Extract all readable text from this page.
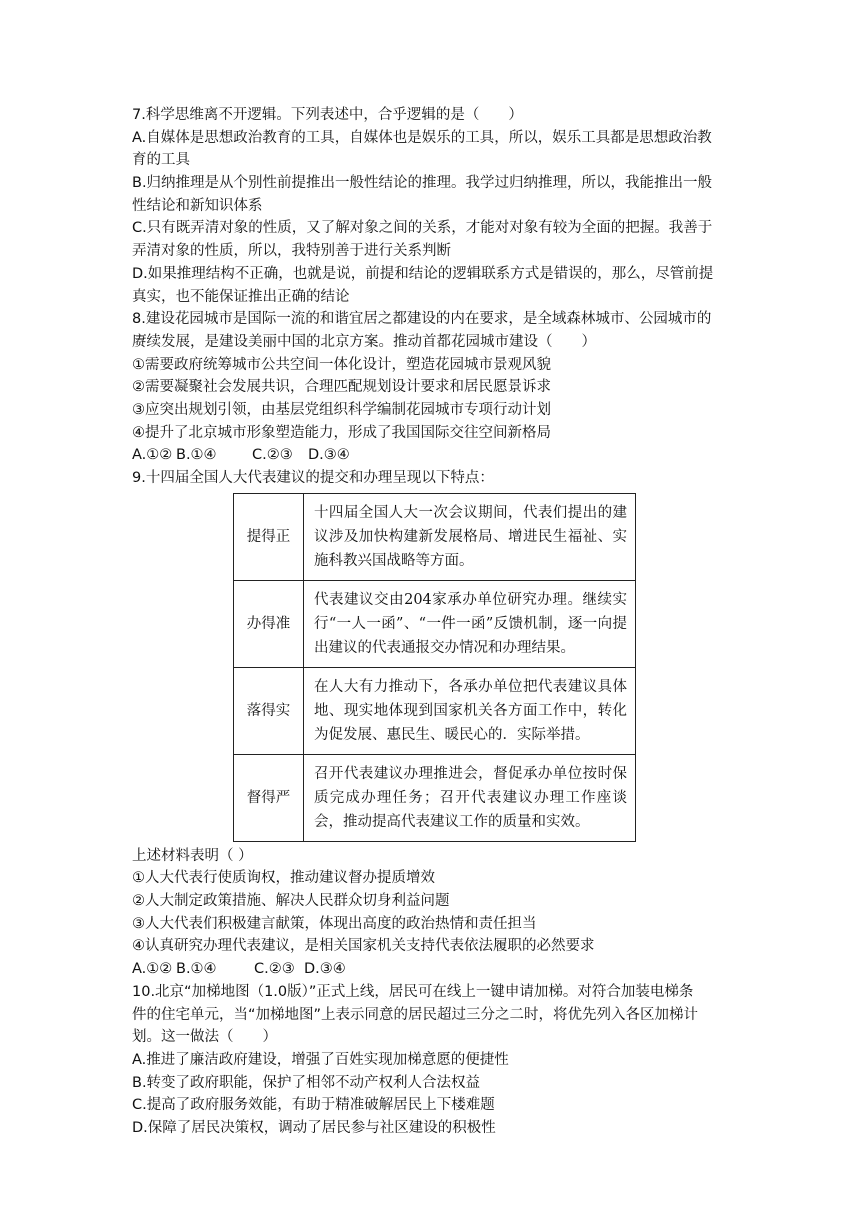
7.科学思维离不开逻辑。下列表述中，合乎逻辑的是（　　）
A.自媒体是思想政治教育的工具，自媒体也是娱乐的工具，所以，娱乐工具都是思想政治教
育的工具
B.归纳推理是从个别性前提推出一般性结论的推理。我学过归纳推理，所以，我能推出一般
性结论和新知识体系
C.只有既弄清对象的性质，又了解对象之间的关系，才能对对象有较为全面的把握。我善于
弄清对象的性质，所以，我特别善于进行关系判断
D.如果推理结构不正确，也就是说，前提和结论的逻辑联系方式是错误的，那么，尽管前提
真实，也不能保证推出正确的结论
8.建设花园城市是国际一流的和谐宜居之都建设的内在要求，是全域森林城市、公园城市的
赓续发展，是建设美丽中国的北京方案。推动首都花园城市建设（　　）
①需要政府统筹城市公共空间一体化设计，塑造花园城市景观风貌
②需要凝聚社会发展共识，合理匹配规划设计要求和居民愿景诉求
③应突出规划引领，由基层党组织科学编制花园城市专项行动计划
④提升了北京城市形象塑造能力，形成了我国国际交往空间新格局
A.①② B.①④ C.②③ D.③④
9.十四届全国人大代表建议的提交和办理呈现以下特点：
提得正	十四届全国人大一次会议期间，代表们提出的建议涉及加快构建新发展格局、增进民生福祉、实施科教兴国战略等方面。
办得准	代表建议交由204家承办单位研究办理。继续实行“一人一函”、“一件一函”反馈机制，逐一向提出建议的代表通报交办情况和办理结果。
落得实	在人大有力推动下，各承办单位把代表建议具体地、现实地体现到国家机关各方面工作中，转化为促发展、惠民生、暖民心的．实际举措。
督得严	召开代表建议办理推进会，督促承办单位按时保质完成办理任务；召开代表建议办理工作座谈会，推动提高代表建议工作的质量和实效。
上述材料表明（ ）
①人大代表行使质询权，推动建议督办提质增效
②人大制定政策措施、解决人民群众切身利益问题
③人大代表们积极建言献策，体现出高度的政治热情和责任担当
④认真研究办理代表建议，是相关国家机关支持代表依法履职的必然要求
A.①② B.①④	C.②③ D.③④
10.北京“加梯地图（1.0版）”正式上线，居民可在线上一键申请加梯。对符合加装电梯条
件的住宅单元，当“加梯地图”上表示同意的居民超过三分之二时，将优先列入各区加梯计
划。这一做法（　　）
A.推进了廉洁政府建设，增强了百姓实现加梯意愿的便捷性
B.转变了政府职能，保护了相邻不动产权利人合法权益
C.提高了政府服务效能，有助于精准破解居民上下楼难题
D.保障了居民决策权，调动了居民参与社区建设的积极性
